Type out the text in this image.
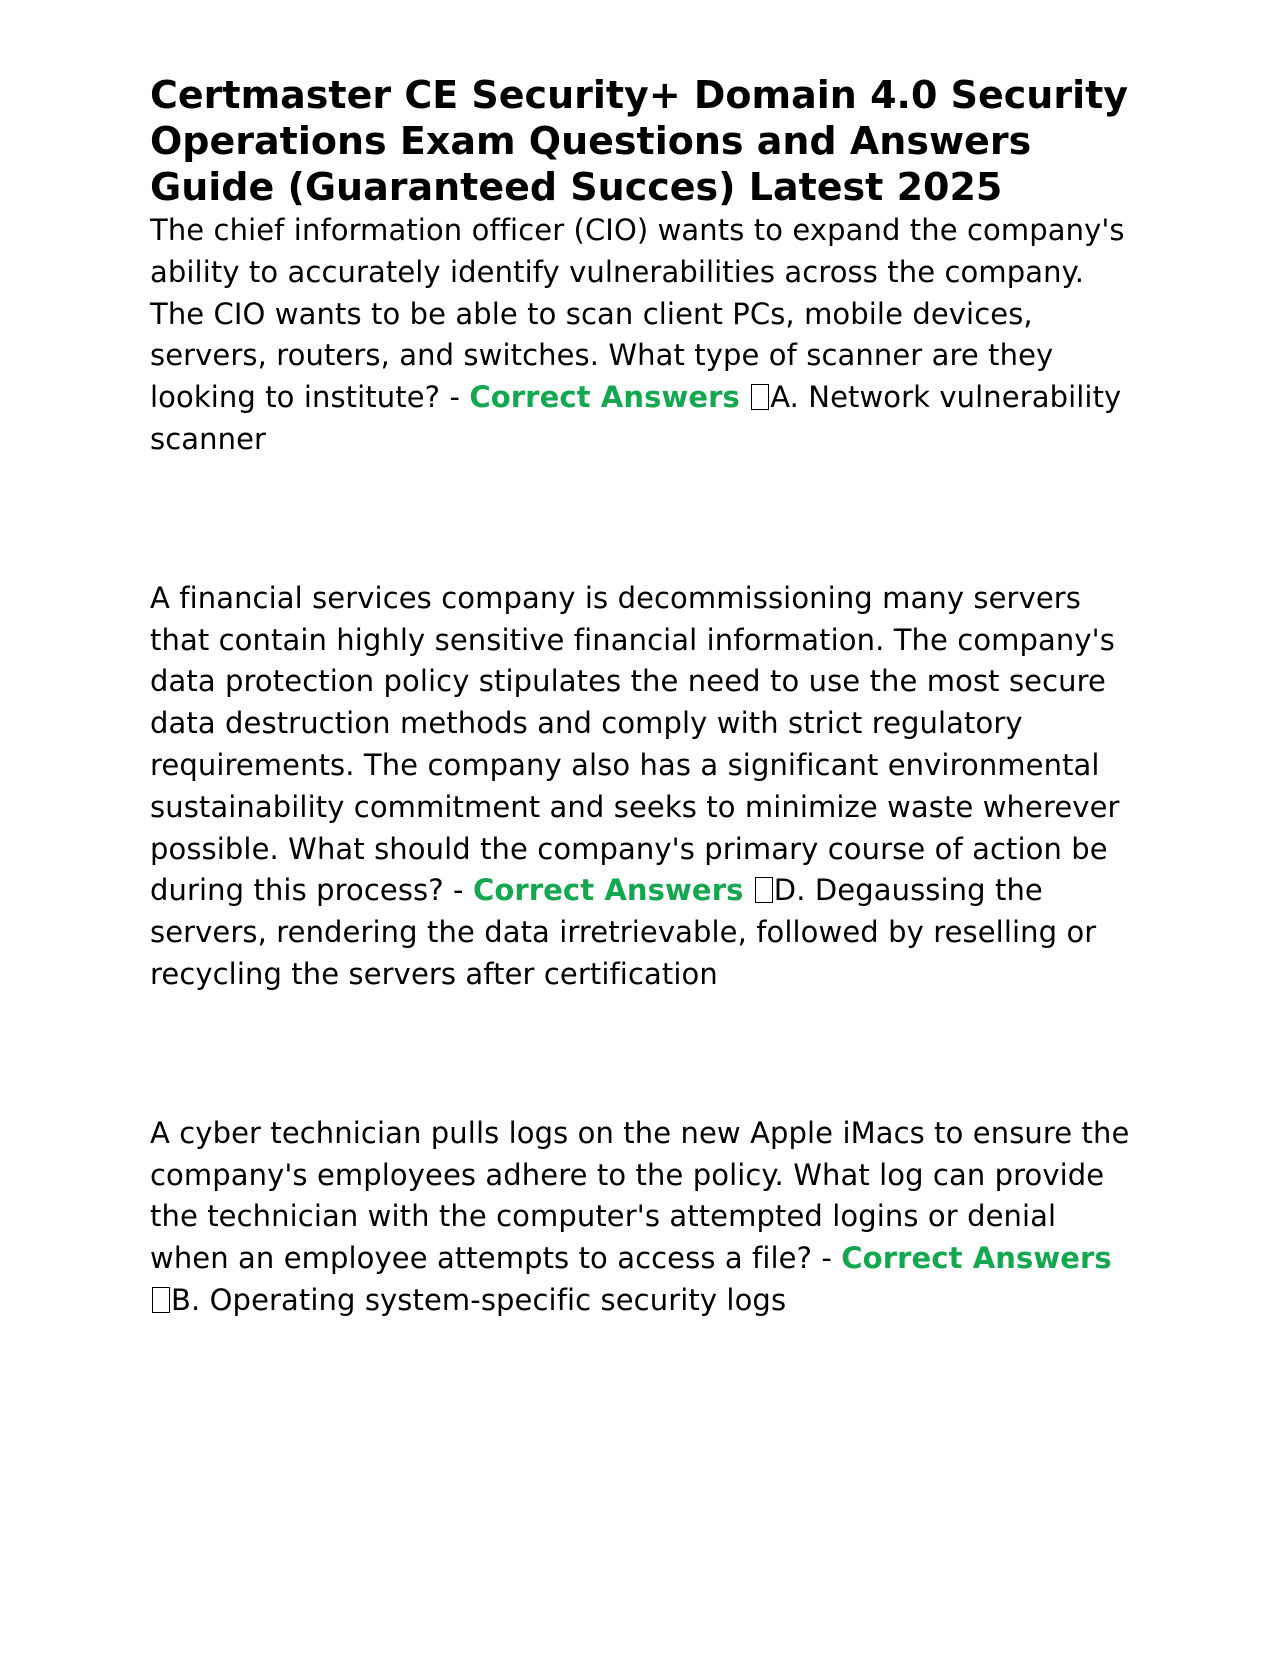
Certmaster CE Security+ Domain 4.0 Security Operations Exam Questions and Answers Guide (Guaranteed Succes) Latest 2025

The chief information officer (CIO) wants to expand the company's ability to accurately identify vulnerabilities across the company. The CIO wants to be able to scan client PCs, mobile devices, servers, routers, and switches. What type of scanner are they looking to institute? - Correct Answers A. Network vulnerability scanner

A financial services company is decommissioning many servers that contain highly sensitive financial information. The company's data protection policy stipulates the need to use the most secure data destruction methods and comply with strict regulatory requirements. The company also has a significant environmental sustainability commitment and seeks to minimize waste wherever possible. What should the company's primary course of action be during this process? - Correct Answers D. Degaussing the servers, rendering the data irretrievable, followed by reselling or recycling the servers after certification

A cyber technician pulls logs on the new Apple iMacs to ensure the company's employees adhere to the policy. What log can provide the technician with the computer's attempted logins or denial when an employee attempts to access a file? - Correct Answers B. Operating system-specific security logs
